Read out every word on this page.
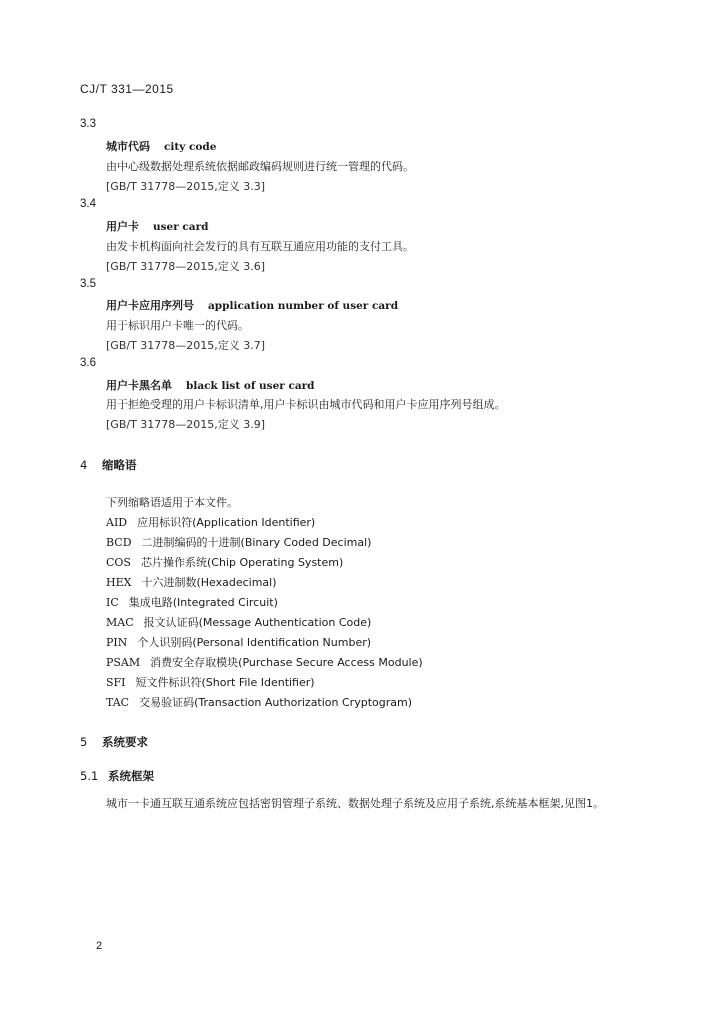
CJ/T 331—2015
3.3
城市代码 city code
由中心级数据处理系统依据邮政编码规则进行统一管理的代码。
[GB/T 31778—2015,定义 3.3]
3.4
用户卡 user card
由发卡机构面向社会发行的具有互联互通应用功能的支付工具。
[GB/T 31778—2015,定义 3.6]
3.5
用户卡应用序列号 application number of user card
用于标识用户卡唯一的代码。
[GB/T 31778—2015,定义 3.7]
3.6
用户卡黑名单 black list of user card
用于拒绝受理的用户卡标识清单,用户卡标识由城市代码和用户卡应用序列号组成。
[GB/T 31778—2015,定义 3.9]
4 缩略语
下列缩略语适用于本文件。
AID 应用标识符(Application Identifier)
BCD 二进制编码的十进制(Binary Coded Decimal)
COS 芯片操作系统(Chip Operating System)
HEX 十六进制数(Hexadecimal)
IC 集成电路(Integrated Circuit)
MAC 报文认证码(Message Authentication Code)
PIN 个人识别码(Personal Identification Number)
PSAM 消费安全存取模块(Purchase Secure Access Module)
SFI 短文件标识符(Short File Identifier)
TAC 交易验证码(Transaction Authorization Cryptogram)
5 系统要求
5.1 系统框架
城市一卡通互联互通系统应包括密钥管理子系统、数据处理子系统及应用子系统,系统基本框架,见图1。
2
